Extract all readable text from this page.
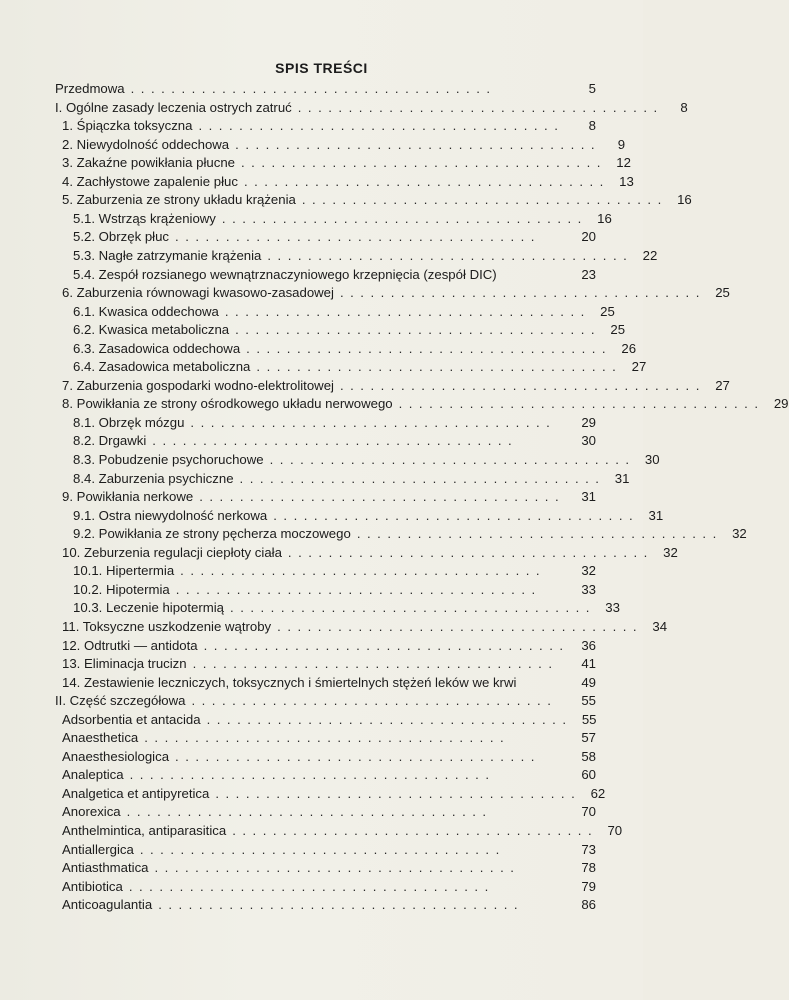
SPIS TREŚCI
Przedmowa ....................................	5
I. Ogólne zasady leczenia ostrych zatruć ....................................	8
1. Śpiączka toksyczna ....................................	8
2. Niewydolność oddechowa ....................................	9
3. Zakaźne powikłania płucne .................................... 12
4. Zachłystowe zapalenie płuc .................................... 13
5. Zaburzenia ze strony układu krążenia .................................... 16
5.1. Wstrząs krążeniowy .................................... 16
5.2. Obrzęk płuc ....................................	20
5.3. Nagłe zatrzymanie krążenia .................................... 22
5.4. Zespół rozsianego wewnątrznaczyniowego krzepnięcia (zespół DIC)	23
6. Zaburzenia równowagi kwasowo-zasadowej .................................... 25
6.1. Kwasica oddechowa .................................... 25
6.2. Kwasica metaboliczna .................................... 25
6.3. Zasadowica oddechowa .................................... 26
6.4. Zasadowica metaboliczna .................................... 27
7. Zaburzenia gospodarki wodno-elektrolitowej .................................... 27
8. Powikłania ze strony ośrodkowego układu nerwowego .................................... 29
8.1. Obrzęk mózgu ....................................	29
8.2. Drgawki ....................................	30
8.3. Pobudzenie psychoruchowe .................................... 30
8.4. Zaburzenia psychiczne .................................... 31
9. Powikłania nerkowe ....................................	31
9.1. Ostra niewydolność nerkowa .................................... 31
9.2. Powikłania ze strony pęcherza moczowego .................................... 32
10. Zeburzenia regulacji ciepłoty ciała .................................... 32
10.1. Hipertermia ....................................	32
10.2. Hipotermia ....................................	33
10.3. Leczenie hipotermią .................................... 33
11. Toksyczne uszkodzenie wątroby .................................... 34
12. Odtrutki — antidota .................................... 36
13. Eliminacja trucizn ....................................	41
14. Zestawienie leczniczych, toksycznych i śmiertelnych stężeń leków we krwi	49
II. Część szczegółowa ....................................	55
Adsorbentia et antacida .................................... 55
Anaesthetica ....................................	57
Anaesthesiologica ....................................	58
Analeptica ....................................	60
Analgetica et antipyretica .................................... 62
Anorexica ....................................	70
Anthelmintica, antiparasitica .................................... 70
Antiallergica ....................................	73
Antiasthmatica ....................................	78
Antibiotica ....................................	79
Anticoagulantia ....................................	86
